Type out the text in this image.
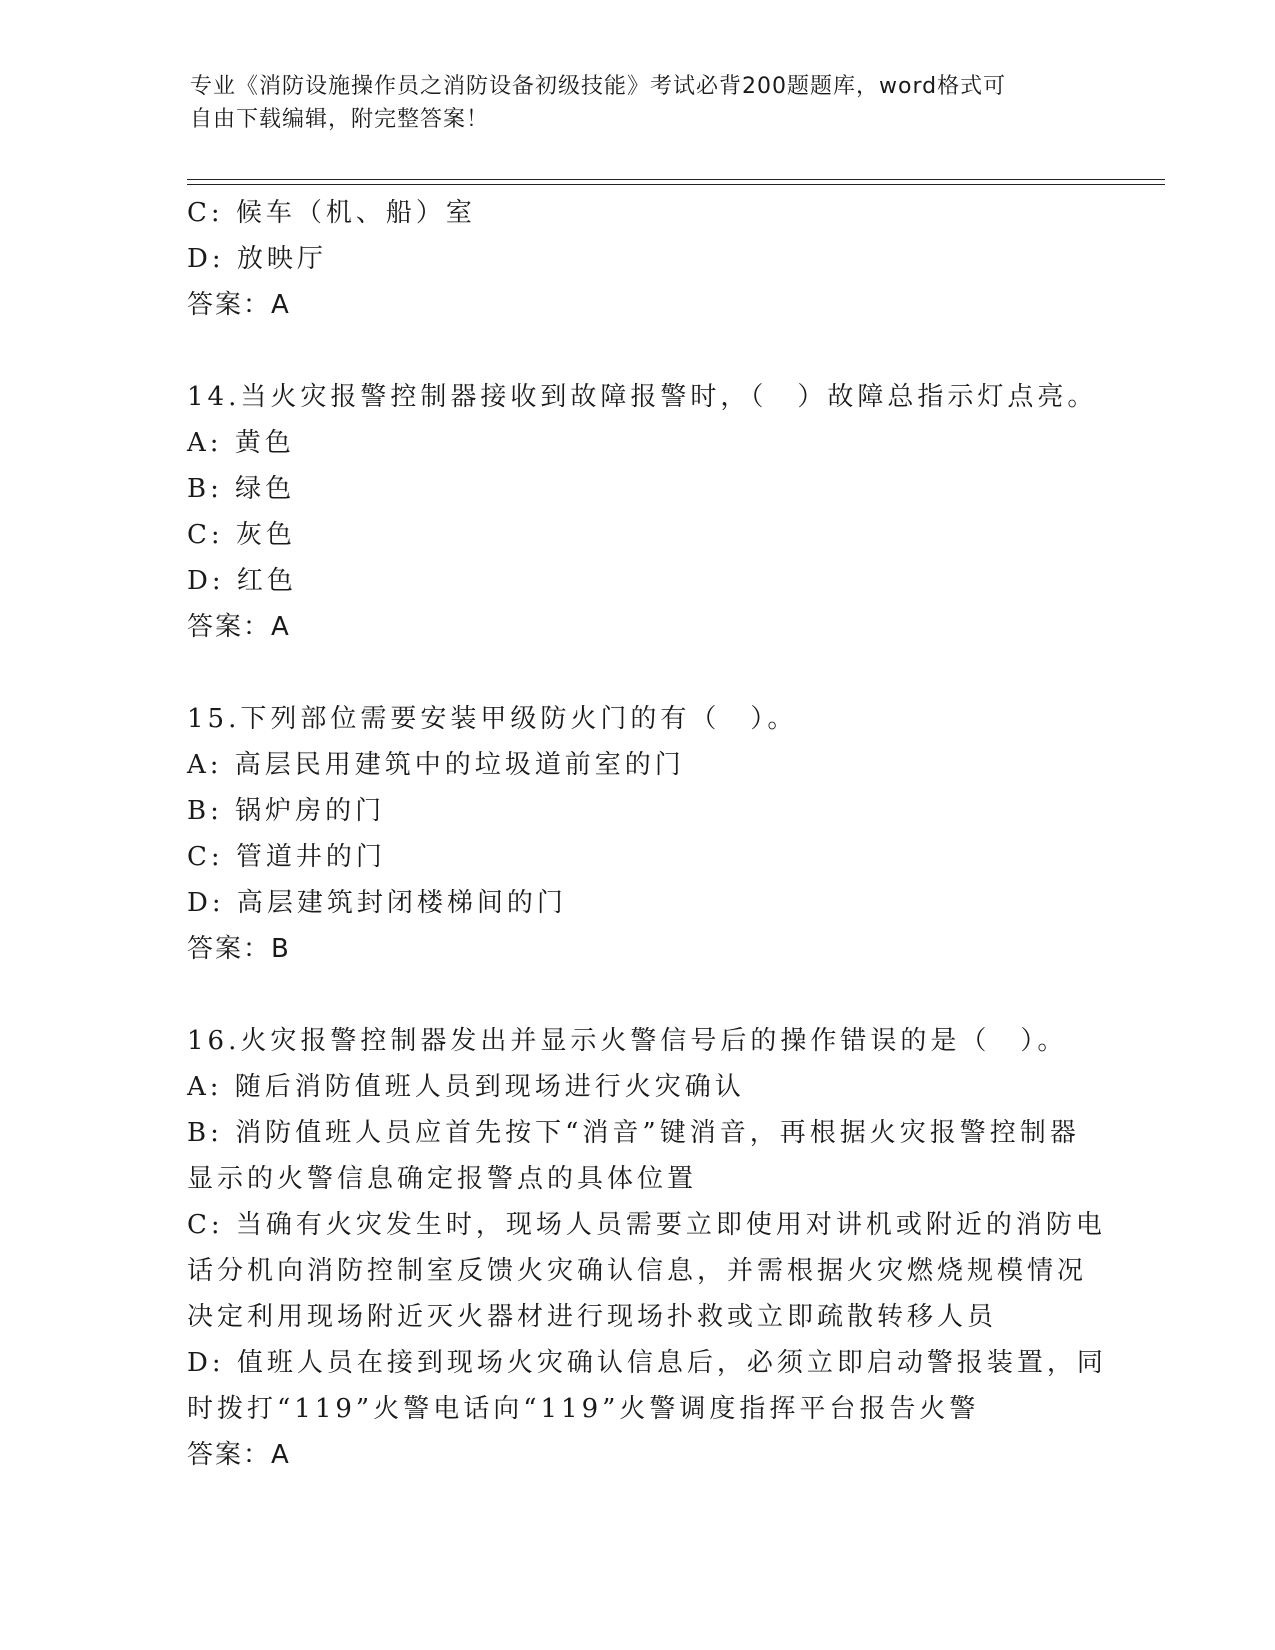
专业《消防设施操作员之消防设备初级技能》考试必背200题题库，word格式可
自由下载编辑，附完整答案！
C: 候车（机、船）室
D: 放映厅
答案：A
14.当火灾报警控制器接收到故障报警时，（　）故障总指示灯点亮。
A: 黄色
B: 绿色
C: 灰色
D: 红色
答案：A
15.下列部位需要安装甲级防火门的有（　）。
A: 高层民用建筑中的垃圾道前室的门
B: 锅炉房的门
C: 管道井的门
D: 高层建筑封闭楼梯间的门
答案：B
16.火灾报警控制器发出并显示火警信号后的操作错误的是（　）。
A: 随后消防值班人员到现场进行火灾确认
B: 消防值班人员应首先按下“消音”键消音，再根据火灾报警控制器
显示的火警信息确定报警点的具体位置
C: 当确有火灾发生时，现场人员需要立即使用对讲机或附近的消防电
话分机向消防控制室反馈火灾确认信息，并需根据火灾燃烧规模情况
决定利用现场附近灭火器材进行现场扑救或立即疏散转移人员
D: 值班人员在接到现场火灾确认信息后，必须立即启动警报装置，同
时拨打“119”火警电话向“119”火警调度指挥平台报告火警
答案：A
